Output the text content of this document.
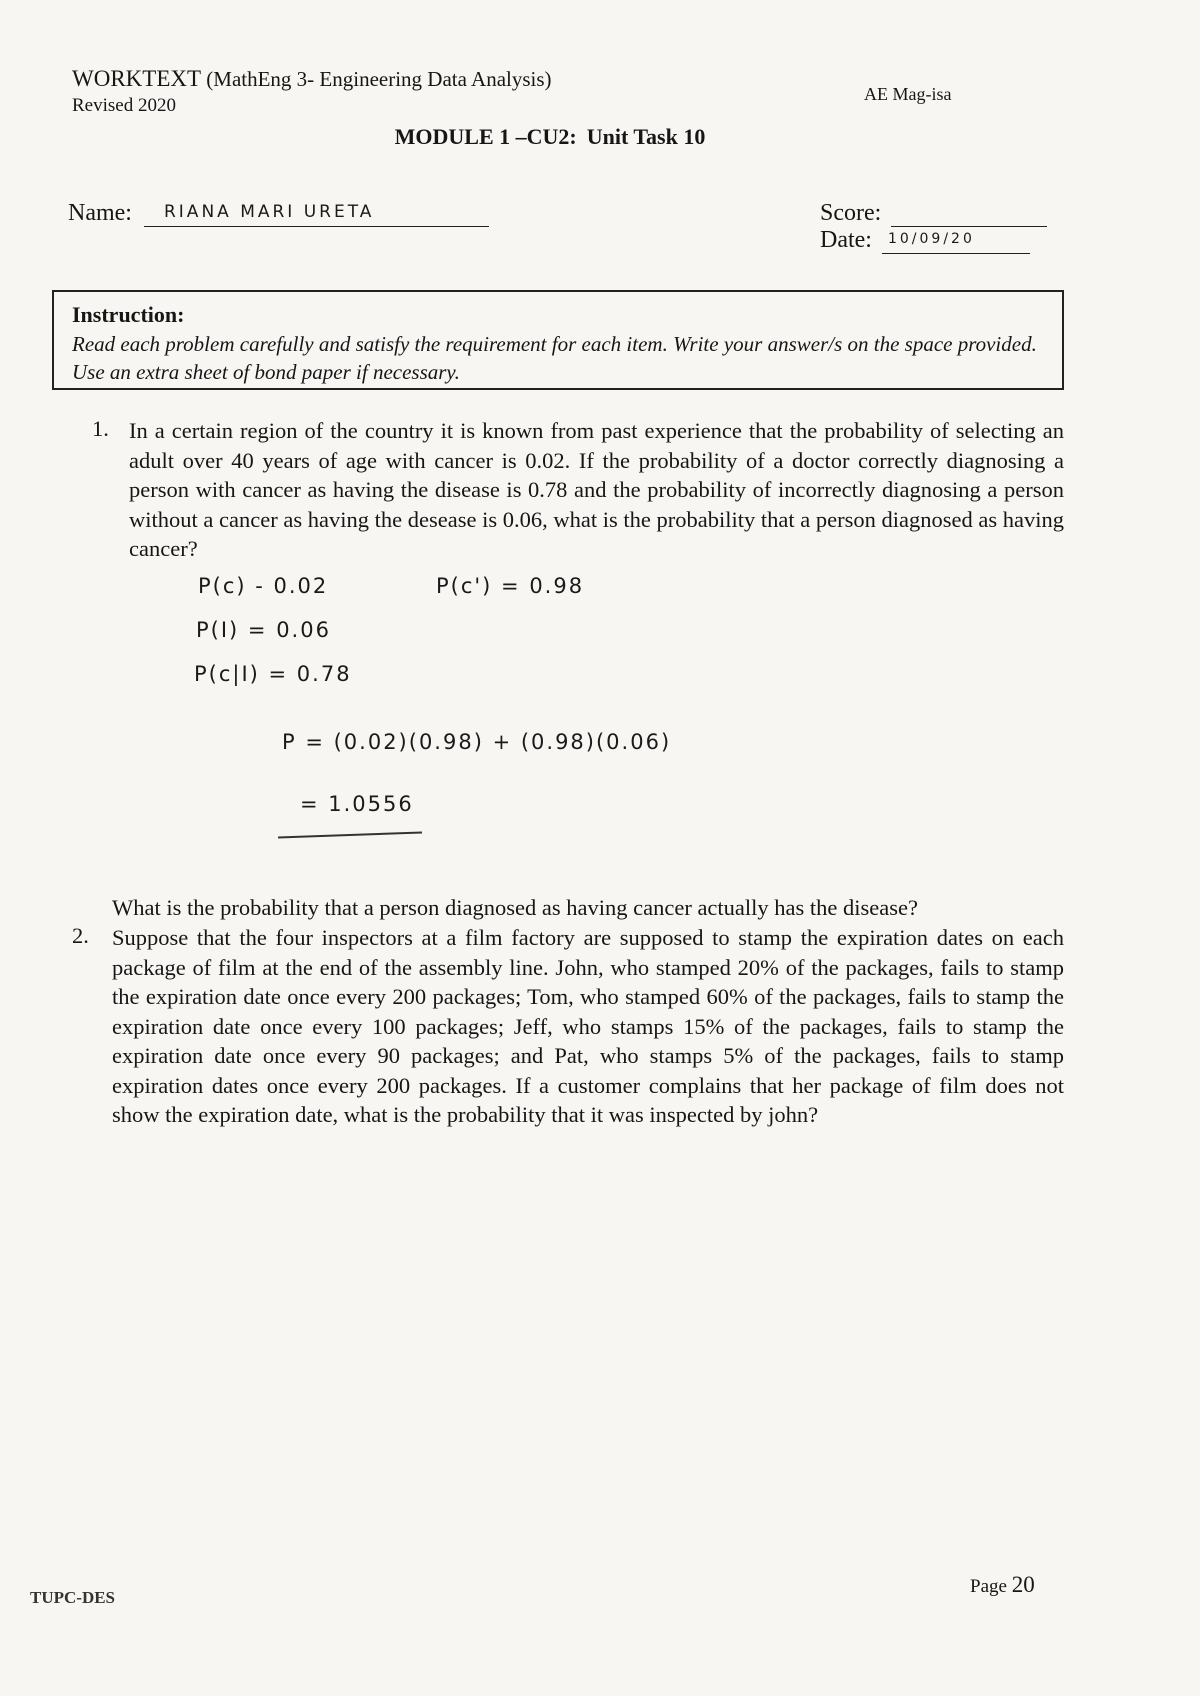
WORKTEXT (MathEng 3- Engineering Data Analysis)
Revised 2020
AE Mag-isa
MODULE 1 –CU2: Unit Task 10
Name: RIANA MARI URETA	Score:
Date: 10/09/20

Instruction:

Read each problem carefully and satisfy the requirement for each item. Write your answer/s on the space provided. Use an extra sheet of bond paper if necessary.

1. In a certain region of the country it is known from past experience that the probability of selecting an adult over 40 years of age with cancer is 0.02. If the probability of a doctor correctly diagnosing a person with cancer as having the disease is 0.78 and the probability of incorrectly diagnosing a person without a cancer as having the desease is 0.06, what is the probability that a person diagnosed as having cancer?

P(c) - 0.02	P(c') = 0.98
P(I) = 0.06
P(c|I) = 0.78
P = (0.02)(0.98) + (0.98)(0.06)
= 1.0556

What is the probability that a person diagnosed as having cancer actually has the disease?

2. Suppose that the four inspectors at a film factory are supposed to stamp the expiration dates on each package of film at the end of the assembly line. John, who stamped 20% of the packages, fails to stamp the expiration date once every 200 packages; Tom, who stamped 60% of the packages, fails to stamp the expiration date once every 100 packages; Jeff, who stamps 15% of the packages, fails to stamp the expiration date once every 90 packages; and Pat, who stamps 5% of the packages, fails to stamp expiration dates once every 200 packages. If a customer complains that her package of film does not show the expiration date, what is the probability that it was inspected by john?

TUPC-DES
Page 20
